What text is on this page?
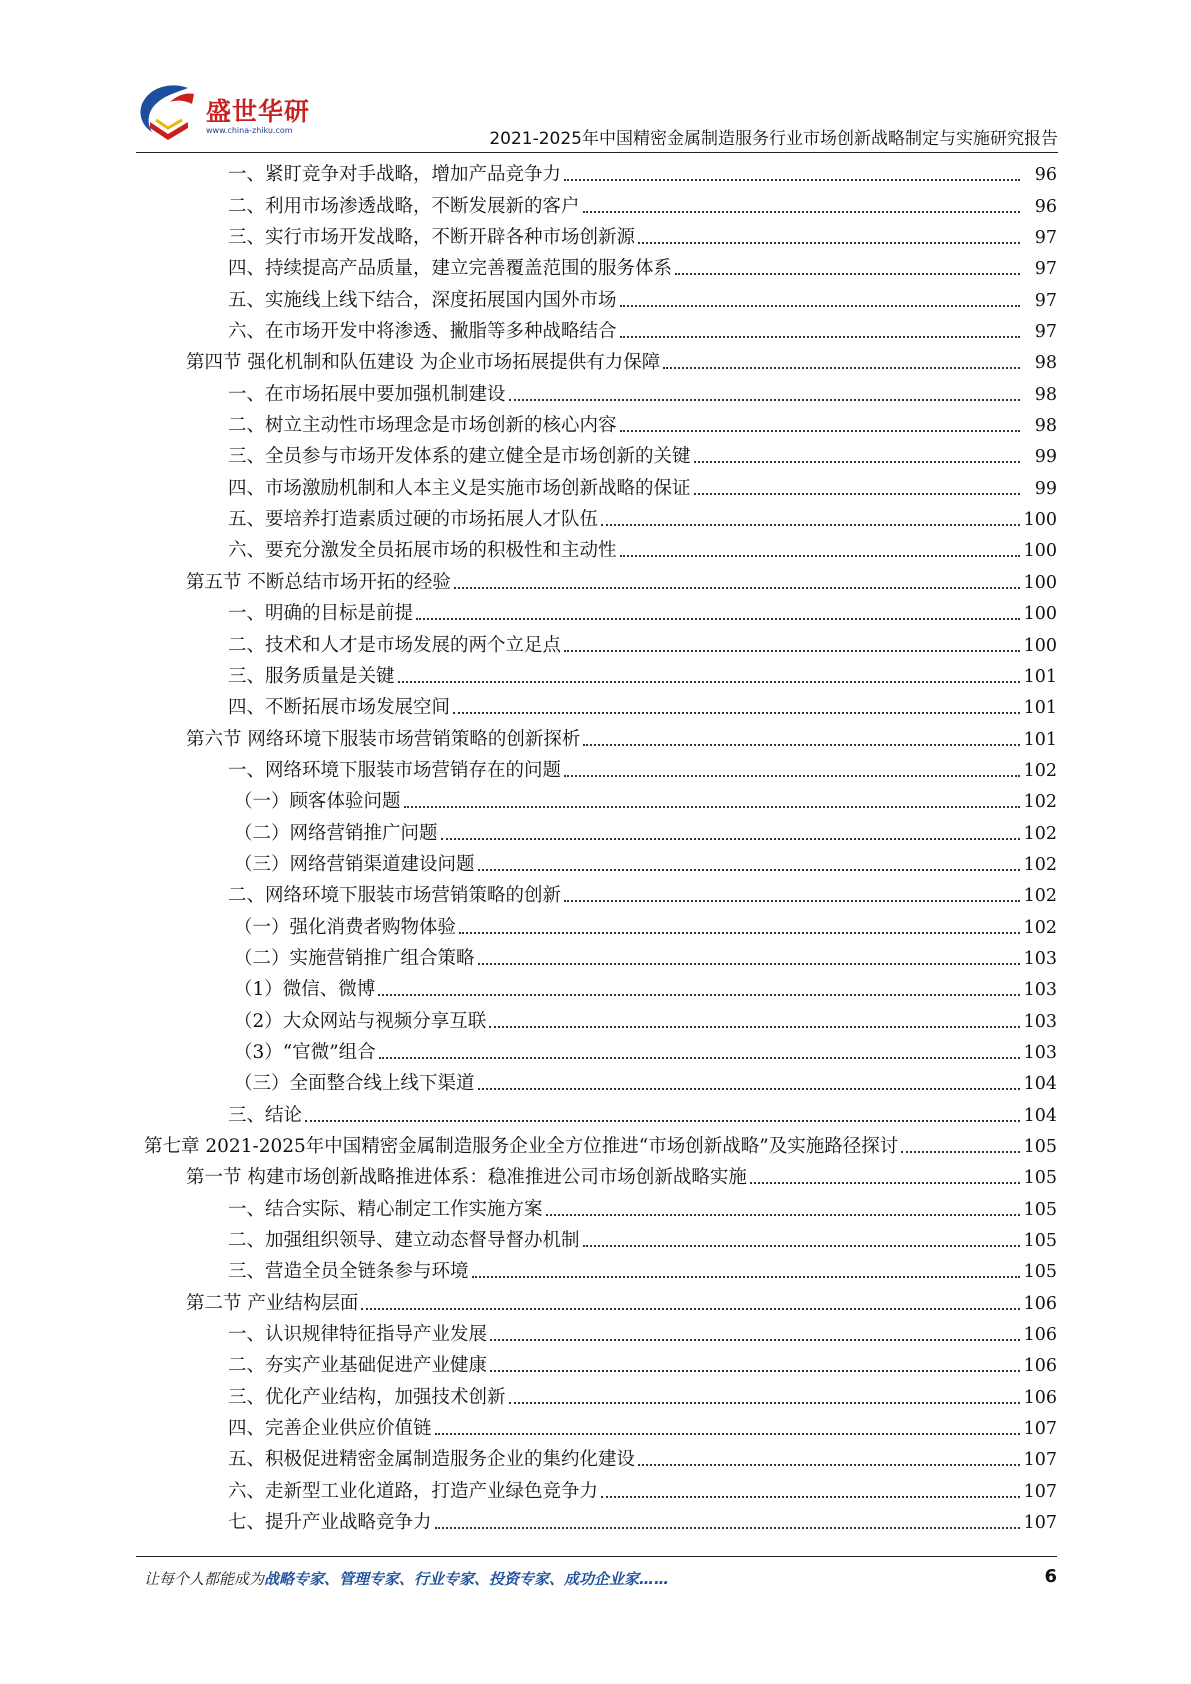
盛世华研
www.china-zhiku.com	2021-2025年中国精密金属制造服务行业市场创新战略制定与实施研究报告
一、紧盯竞争对手战略，增加产品竞争力	96
二、利用市场渗透战略，不断发展新的客户	96
三、实行市场开发战略，不断开辟各种市场创新源	97
四、持续提高产品质量，建立完善覆盖范围的服务体系	97
五、实施线上线下结合，深度拓展国内国外市场	97
六、在市场开发中将渗透、撇脂等多种战略结合	97
第四节 强化机制和队伍建设 为企业市场拓展提供有力保障	98
一、在市场拓展中要加强机制建设	98
二、树立主动性市场理念是市场创新的核心内容	98
三、全员参与市场开发体系的建立健全是市场创新的关键	99
四、市场激励机制和人本主义是实施市场创新战略的保证	99
五、要培养打造素质过硬的市场拓展人才队伍	100
六、要充分激发全员拓展市场的积极性和主动性	100
第五节 不断总结市场开拓的经验	100
一、明确的目标是前提	100
二、技术和人才是市场发展的两个立足点	100
三、服务质量是关键	101
四、不断拓展市场发展空间	101
第六节 网络环境下服装市场营销策略的创新探析	101
一、网络环境下服装市场营销存在的问题	102
（一）顾客体验问题	102
（二）网络营销推广问题	102
（三）网络营销渠道建设问题	102
二、网络环境下服装市场营销策略的创新	102
（一）强化消费者购物体验	102
（二）实施营销推广组合策略	103
（1）微信、微博	103
（2）大众网站与视频分享互联	103
（3）“官微”组合	103
（三）全面整合线上线下渠道	104
三、结论	104
第七章 2021-2025年中国精密金属制造服务企业全方位推进“市场创新战略”及实施路径探讨	105
第一节 构建市场创新战略推进体系：稳准推进公司市场创新战略实施	105
一、结合实际、精心制定工作实施方案	105
二、加强组织领导、建立动态督导督办机制	105
三、营造全员全链条参与环境	105
第二节 产业结构层面	106
一、认识规律特征指导产业发展	106
二、夯实产业基础促进产业健康	106
三、优化产业结构，加强技术创新	106
四、完善企业供应价值链	107
五、积极促进精密金属制造服务企业的集约化建设	107
六、走新型工业化道路，打造产业绿色竞争力	107
七、提升产业战略竞争力	107
让每个人都能成为战略专家、管理专家、行业专家、投资专家、成功企业家……	6
